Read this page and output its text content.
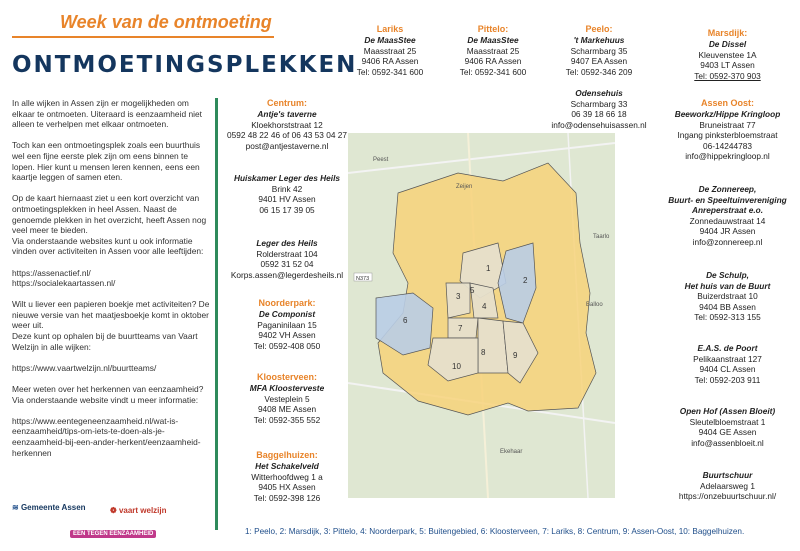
Week van de ontmoeting
ONTMOETINGSPLEKKEN

In alle wijken in Assen zijn er mogelijkheden om elkaar te ontmoeten. Uiteraard is eenzaamheid niet alleen te verhelpen met elkaar ontmoeten.

Toch kan een ontmoetingsplek zoals een buurthuis wel een fijne eerste plek zijn om eens binnen te lopen. Hier kunt u mensen leren kennen, eens een kaartje leggen of samen eten.

Op de kaart hiernaast ziet u een kort overzicht van ontmoetingsplekken in heel Assen. Naast de genoemde plekken in het overzicht, heeft Assen nog veel meer te bieden.

Via onderstaande websites kunt u ook informatie vinden over activiteiten in Assen voor alle leeftijden:

https://assenactief.nl/

https://socialekaartassen.nl/

Wilt u liever een papieren boekje met activiteiten? De nieuwe versie van het maatjesboekje komt in oktober weer uit.

Deze kunt op ophalen bij de buurtteams van Vaart Welzijn in alle wijken:

https://www.vaartwelzijn.nl/buurtteams/

Meer weten over het herkennen van eenzaamheid? Via onderstaande website vindt u meer informatie:

https://www.eentegeneenzaamheid.nl/wat-is-eenzaamheid/tips-om-iets-te-doen-als-je-eenzaamheid-bij-een-ander-herkent/eenzaamheid-herkennen

≋ Gemeente Assen	❁ vaart welzijn
EEN TEGEN EENZAAMHEID
Centrum:
Antje's taverne
Kloekhorststraat 12
0592 48 22 46 of 06 43 53 04 27
post@antjestaverne.nl
Huiskamer Leger des Heils
Brink 42
9401 HV Assen
06 15 17 39 05
Leger des Heils
Rolderstraat 104
0592 31 52 04
Korps.assen@legerdesheils.nl
Noorderpark:
De Componist
Paganinilaan 15
9402 VH Assen
Tel: 0592-408 050
Kloosterveen:
MFA Kloosterveste
Vesteplein 5
9408 ME Assen
Tel: 0592-355 552
Baggelhuizen:
Het Schakelveld
Witterhoofdweg 1 a
9405 HX Assen
Tel: 0592-398 126
Lariks
De MaasStee
Maasstraat 25
9406 RA Assen
Tel: 0592-341 600
Pittelo:
De MaasStee
Maasstraat 25
9406 RA Assen
Tel: 0592-341 600
Peelo:
't Markehuus
Scharmbarg 35
9407 EA Assen
Tel: 0592-346 209
Odensehuis
Scharmbarg 33
06 39 18 66 18
info@odensehuisassen.nl
Marsdijk:
De Dissel
Kleuvenstee 1A
9403 LT Assen
Tel: 0592-370 903
Assen Oost:
Beeworkz/Hippe Kringloop
Bruneistraat 77
Ingang pinksterbloemstraat
06-14244783
info@hippekringloop.nl
De Zonnereep,
Buurt- en Speeltuinvereniging
Anreperstraat e.o.
Zonnedauwstraat 14
9404 JR Assen
info@zonnereep.nl
De Schulp,
Het huis van de Buurt
Buizerdstraat 10
9404 BB Assen
Tel: 0592-313 155
E.A.S. de Poort
Pelikaanstraat 127
9404 CL Assen
Tel: 0592-203 911
Open Hof (Assen Bloeit)
Sleutelbloemstraat 1
9404 GE Assen
info@assenbloeit.nl
Buurtschuur
Adelaarsweg 1
https://onzebuurtschuur.nl/
1
2
3
4
5
6
7
8	9
10
Peest
Zeijen
Balloo
Ekehaar
Taarlo
N373
1: Peelo, 2: Marsdijk, 3: Pittelo, 4: Noorderpark, 5: Buitengebied, 6: Kloosterveen, 7: Lariks, 8: Centrum, 9: Assen-Oost, 10: Baggelhuizen.
